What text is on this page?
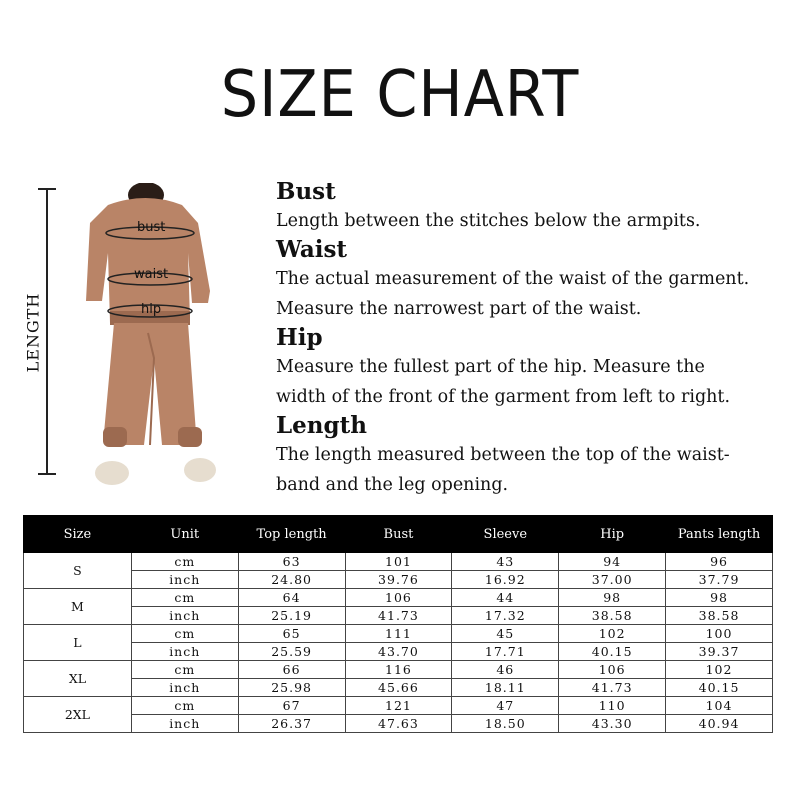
SIZE CHART
bust
waist
hip
LENGTH
Bust

Length between the stitches below the armpits.

Waist

The actual measurement of the waist of the garment.

Measure the narrowest part of the waist.

Hip

Measure the fullest part of the hip. Measure the

width of the front of the garment from left to right.

Length

The length measured between the top of the waist-

band and the leg opening.

Size	Unit	Top length	Bust	Sleeve	Hip	Pants length
S	cm	63	101	43	94	96
	inch	24.80	39.76	16.92	37.00	37.79
M	cm	64	106	44	98	98
	inch	25.19	41.73	17.32	38.58	38.58
L	cm	65	111	45	102	100
	inch	25.59	43.70	17.71	40.15	39.37
XL	cm	66	116	46	106	102
	inch	25.98	45.66	18.11	41.73	40.15
2XL	cm	67	121	47	110	104
	inch	26.37	47.63	18.50	43.30	40.94
